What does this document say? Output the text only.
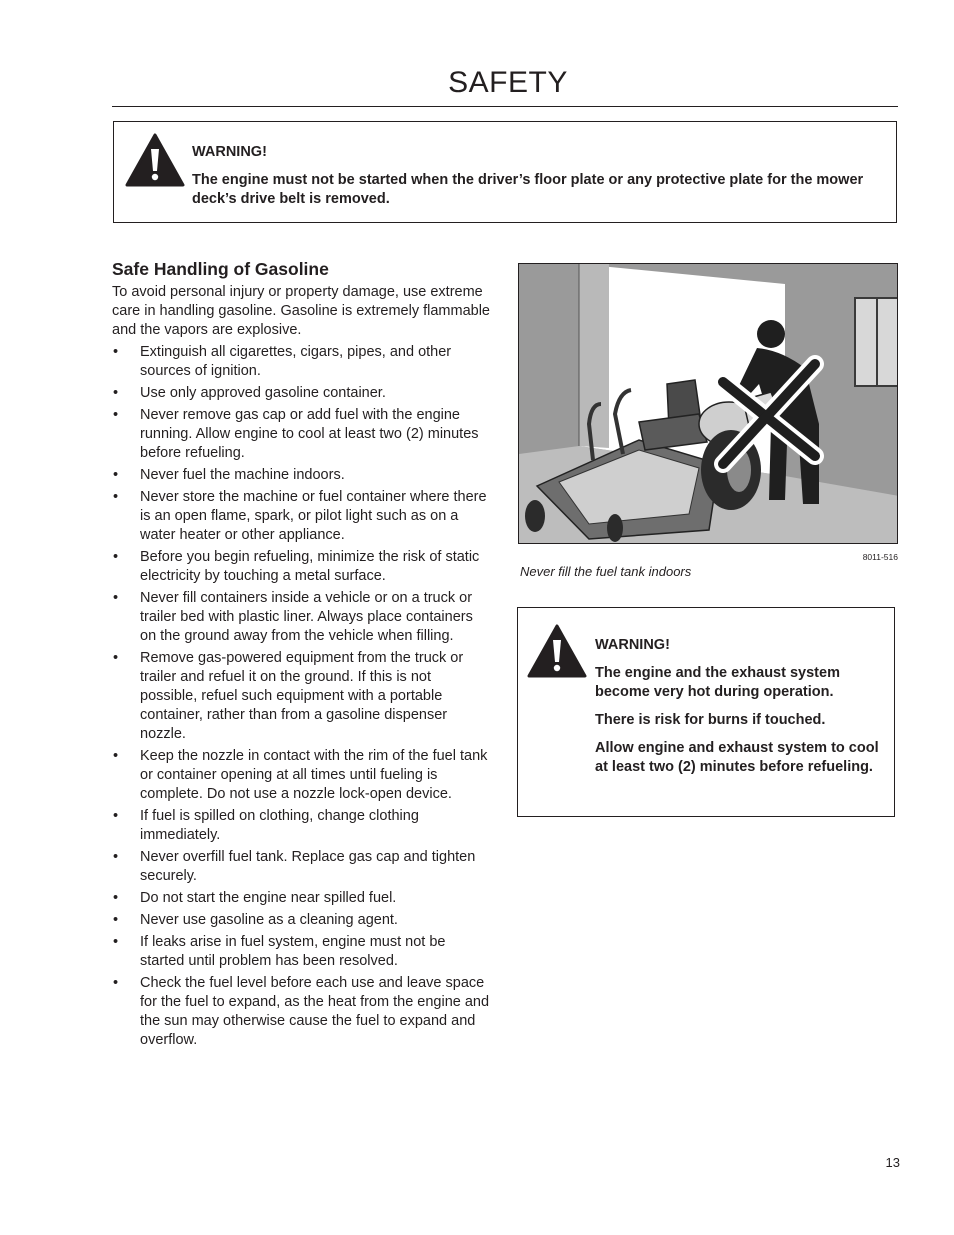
SAFETY

WARNING!

The engine must not be started when the driver’s floor plate or any protective plate for the mower deck’s drive belt is removed.

Safe Handling of Gasoline

To avoid personal injury or property damage, use extreme care in handling gasoline. Gasoline is extremely flammable and the vapors are explosive.

• Extinguish all cigarettes, cigars, pipes, and other sources of ignition.
• Use only approved gasoline container.
• Never remove gas cap or add fuel with the engine running. Allow engine to cool at least two (2) minutes before refueling.
• Never fuel the machine indoors.
• Never store the machine or fuel container where there is an open flame, spark, or pilot light such as on a water heater or other appliance.
• Before you begin refueling, minimize the risk of static electricity by touching a metal surface.
• Never fill containers inside a vehicle or on a truck or trailer bed with plastic liner. Always place containers on the ground away from the vehicle when filling.
• Remove gas-powered equipment from the truck or trailer and refuel it on the ground. If this is not possible, refuel such equipment with a portable container, rather than from a gasoline dispenser nozzle.
• Keep the nozzle in contact with the rim of the fuel tank or container opening at all times until fueling is complete. Do not use a nozzle lock-open device.
• If fuel is spilled on clothing, change clothing immediately.
• Never overfill fuel tank. Replace gas cap and tighten securely.
• Do not start the engine near spilled fuel.
• Never use gasoline as a cleaning agent.
• If leaks arise in fuel system, engine must not be started until problem has been resolved.
• Check the fuel level before each use and leave space for the fuel to expand, as the heat from the engine and the sun may otherwise cause the fuel to expand and overflow.
8011-516
Never fill the fuel tank indoors

WARNING!

The engine and the exhaust system become very hot during operation.

There is risk for burns if touched.

Allow engine and exhaust system to cool at least two (2) minutes before refueling.

13
